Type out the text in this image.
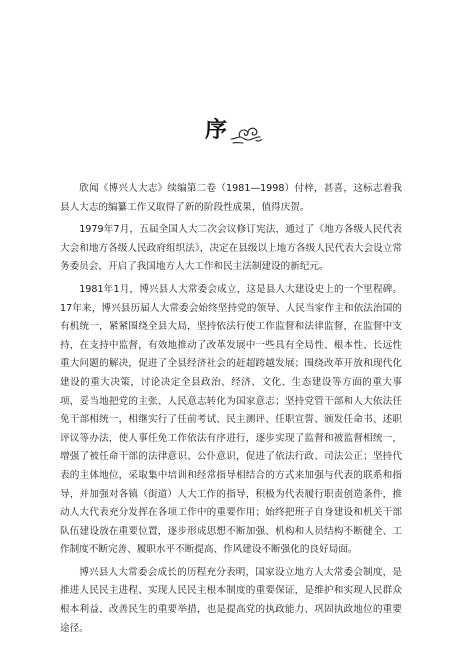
序

欣闻《博兴人大志》续编第二卷（1981—1998）付梓，甚喜，这标志着我县人大志的编纂工作又取得了新的阶段性成果，值得庆贺。

1979年7月，五届全国人大二次会议修订宪法，通过了《地方各级人民代表大会和地方各级人民政府组织法》，决定在县级以上地方各级人民代表大会设立常务委员会，开启了我国地方人大工作和民主法制建设的新纪元。

1981年1月，博兴县人大常委会成立，这是县人大建设史上的一个里程碑。17年来，博兴县历届人大常委会始终坚持党的领导、人民当家作主和依法治国的有机统一，紧紧围绕全县大局，坚持依法行使工作监督和法律监督，在监督中支持，在支持中监督，有效地推动了改革发展中一些具有全局性、根本性、长远性重大问题的解决，促进了全县经济社会的赶超跨越发展；围绕改革开放和现代化建设的重大决策，讨论决定全县政治、经济、文化、生态建设等方面的重大事项，妥当地把党的主张、人民意志转化为国家意志；坚持党管干部和人大依法任免干部相统一，相继实行了任前考试、民主测评、任职宣誓、颁发任命书、述职评议等办法，使人事任免工作依法有序进行，逐步实现了监督和被监督相统一，增强了被任命干部的法律意识、公仆意识，促进了依法行政、司法公正；坚持代表的主体地位，采取集中培训和经常指导相结合的方式来加强与代表的联系和指导，并加强对各镇（街道）人大工作的指导，积极为代表履行职责创造条件，推动人大代表充分发挥在各项工作中的重要作用；始终把班子自身建设和机关干部队伍建设放在重要位置，逐步形成思想不断加强、机构和人员结构不断健全、工作制度不断完善、履职水平不断提高、作风建设不断强化的良好局面。

博兴县人大常委会成长的历程充分表明，国家设立地方人大常委会制度，是推进人民民主进程、实现人民民主根本制度的重要保证，是维护和实现人民群众根本利益、改善民生的重要举措，也是提高党的执政能力、巩固执政地位的重要途径。
